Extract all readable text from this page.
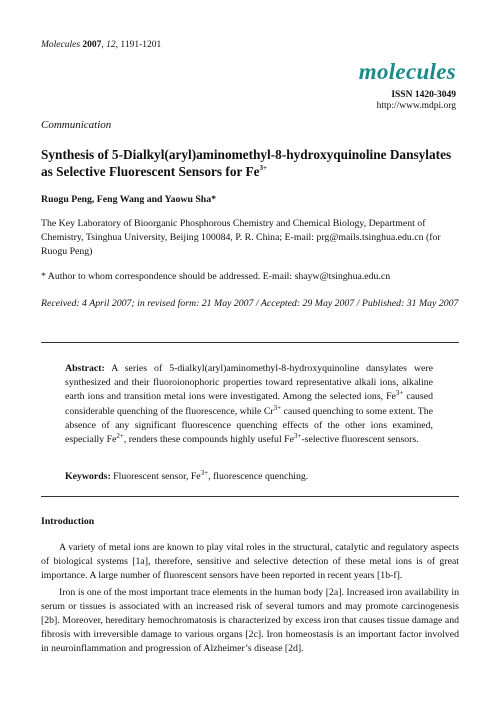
Molecules 2007, 12, 1191-1201
molecules
ISSN 1420-3049
http://www.mdpi.org
Communication
Synthesis of 5-Dialkyl(aryl)aminomethyl-8-hydroxyquinoline Dansylates as Selective Fluorescent Sensors for $Fe^{3+}$
Ruogu Peng, Feng Wang and Yaowu Sha*
The Key Laboratory of Bioorganic Phosphorous Chemistry and Chemical Biology, Department of Chemistry, Tsinghua University, Beijing 100084, P. R. China; E-mail: prg@mails.tsinghua.edu.cn (for Ruogu Peng)
* Author to whom correspondence should be addressed. E-mail: shayw@tsinghua.edu.cn
Received: 4 April 2007; in revised form: 21 May 2007 / Accepted: 29 May 2007 / Published: 31 May 2007
Abstract: A series of 5-dialkyl(aryl)aminomethyl-8-hydroxyquinoline dansylates were synthesized and their fluoroionophoric properties toward representative alkali ions, alkaline earth ions and transition metal ions were investigated. Among the selected ions, $Fe^{3+}$ caused considerable quenching of the fluorescence, while $Cr^{3+}$ caused quenching to some extent. The absence of any significant fluorescence quenching effects of the other ions examined, especially $Fe^{2+}$, renders these compounds highly useful $Fe^{3+}$-selective fluorescent sensors.
Keywords: Fluorescent sensor, $Fe^{3+}$, fluorescence quenching.
Introduction

A variety of metal ions are known to play vital roles in the structural, catalytic and regulatory aspects of biological systems [1a], therefore, sensitive and selective detection of these metal ions is of great importance. A large number of fluorescent sensors have been reported in recent years [1b-f].

Iron is one of the most important trace elements in the human body [2a]. Increased iron availability in serum or tissues is associated with an increased risk of several tumors and may promote carcinogenesis [2b]. Moreover, hereditary hemochromatosis is characterized by excess iron that causes tissue damage and fibrosis with irreversible damage to various organs [2c]. Iron homeostasis is an important factor involved in neuroinflammation and progression of Alzheimer’s disease [2d].
